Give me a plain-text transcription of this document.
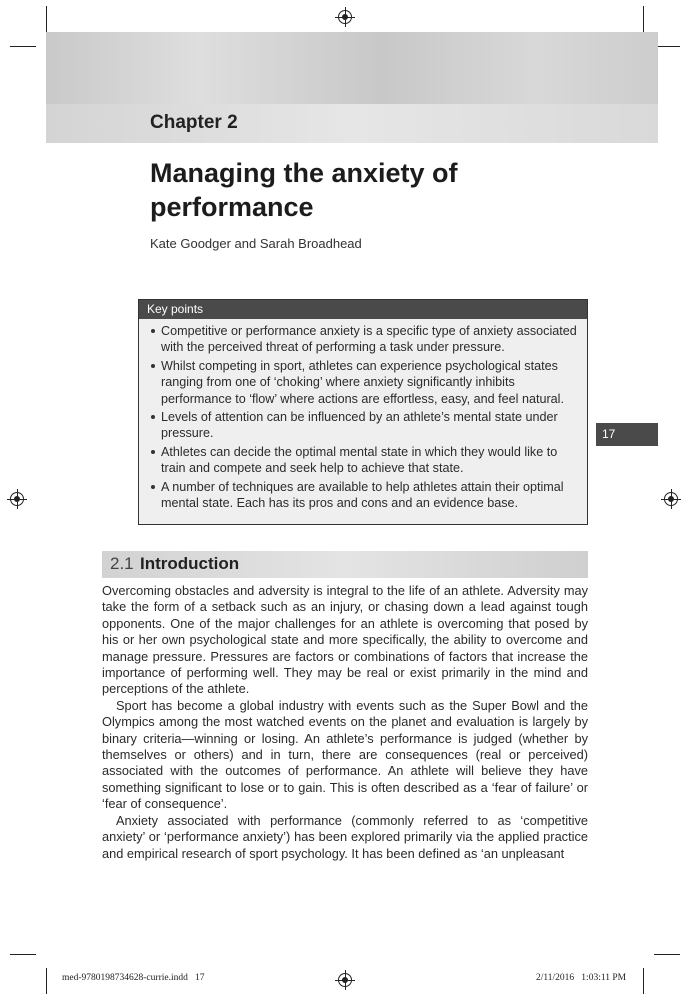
Chapter 2
Managing the anxiety of performance
Kate Goodger and Sarah Broadhead
Key points
Competitive or performance anxiety is a specific type of anxiety associated with the perceived threat of performing a task under pressure.
Whilst competing in sport, athletes can experience psychological states ranging from one of ‘choking’ where anxiety significantly inhibits performance to ‘flow’ where actions are effortless, easy, and feel natural.
Levels of attention can be influenced by an athlete’s mental state under pressure.
Athletes can decide the optimal mental state in which they would like to train and compete and seek help to achieve that state.
A number of techniques are available to help athletes attain their optimal mental state. Each has its pros and cons and an evidence base.
17
2.1 Introduction

Overcoming obstacles and adversity is integral to the life of an athlete. Adversity may take the form of a setback such as an injury, or chasing down a lead against tough opponents. One of the major challenges for an athlete is overcoming that posed by his or her own psychological state and more specifically, the ability to overcome and manage pressure. Pressures are factors or combinations of factors that increase the importance of performing well. They may be real or exist primarily in the mind and perceptions of the athlete.

Sport has become a global industry with events such as the Super Bowl and the Olympics among the most watched events on the planet and evaluation is largely by binary criteria—winning or losing. An athlete’s performance is judged (whether by themselves or others) and in turn, there are consequences (real or perceived) associated with the outcomes of performance. An athlete will believe they have something significant to lose or to gain. This is often described as a ‘fear of failure’ or ‘fear of consequence’.

Anxiety associated with performance (commonly referred to as ‘competitive anxiety’ or ‘performance anxiety’) has been explored primarily via the applied practice and empirical research of sport psychology. It has been defined as ‘an unpleasant

med-9780198734628-currie.indd   17	2/11/2016   1:03:11 PM
